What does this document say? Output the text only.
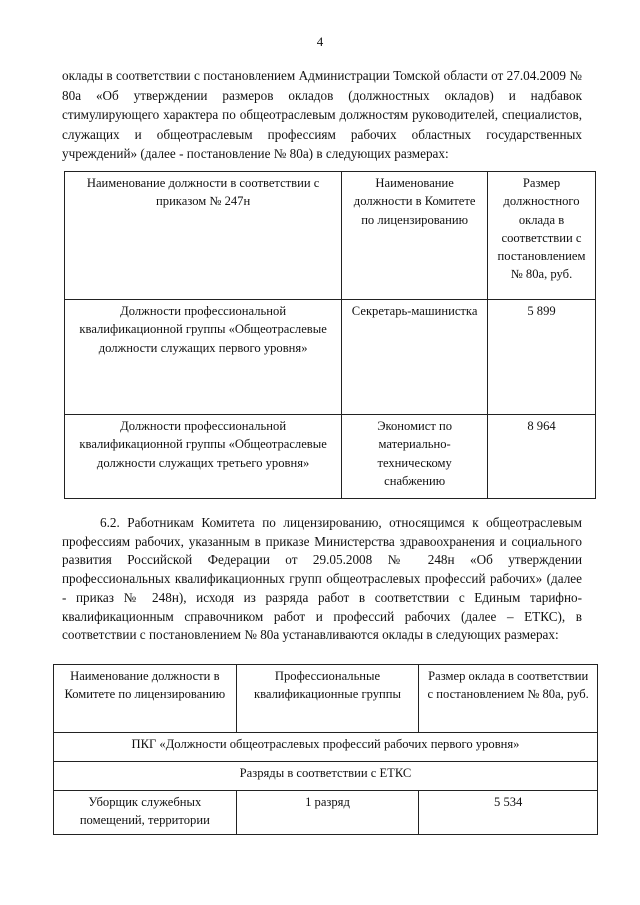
4
оклады в соответствии с постановлением Администрации Томской области от 27.04.2009 № 80а «Об утверждении размеров окладов (должностных окладов) и надбавок стимулирующего характера по общеотраслевым должностям руководителей, специалистов, служащих и общеотраслевым профессиям рабочих областных государственных учреждений» (далее - постановление № 80а) в следующих размерах:
Наименование должности в соответствии с приказом № 247н	Наименование должности в Комитете по лицензированию	Размер должностного оклада в соответствии с постановлением № 80а, руб.
Должности профессиональной квалификационной группы «Общеотраслевые должности служащих первого уровня»	Секретарь-машинистка	5 899
Должности профессиональной квалификационной группы «Общеотраслевые должности служащих третьего уровня»	Экономист по материально-техническому снабжению	8 964
6.2. Работникам Комитета по лицензированию, относящимся к общеотраслевым профессиям рабочих, указанным в приказе Министерства здравоохранения и социального развития Российской Федерации от 29.05.2008 № 248н «Об утверждении профессиональных квалификационных групп общеотраслевых профессий рабочих» (далее - приказ № 248н), исходя из разряда работ в соответствии с Единым тарифно-квалификационным справочником работ и профессий рабочих (далее – ЕТКС), в соответствии с постановлением № 80а устанавливаются оклады в следующих размерах:
Наименование должности в Комитете по лицензированию	Профессиональные квалификационные группы	Размер оклада в соответствии с постановлением № 80а, руб.
ПКГ «Должности общеотраслевых профессий рабочих первого уровня»		
Разряды в соответствии с ЕТКС		
Уборщик служебных помещений, территории	1 разряд	5 534
